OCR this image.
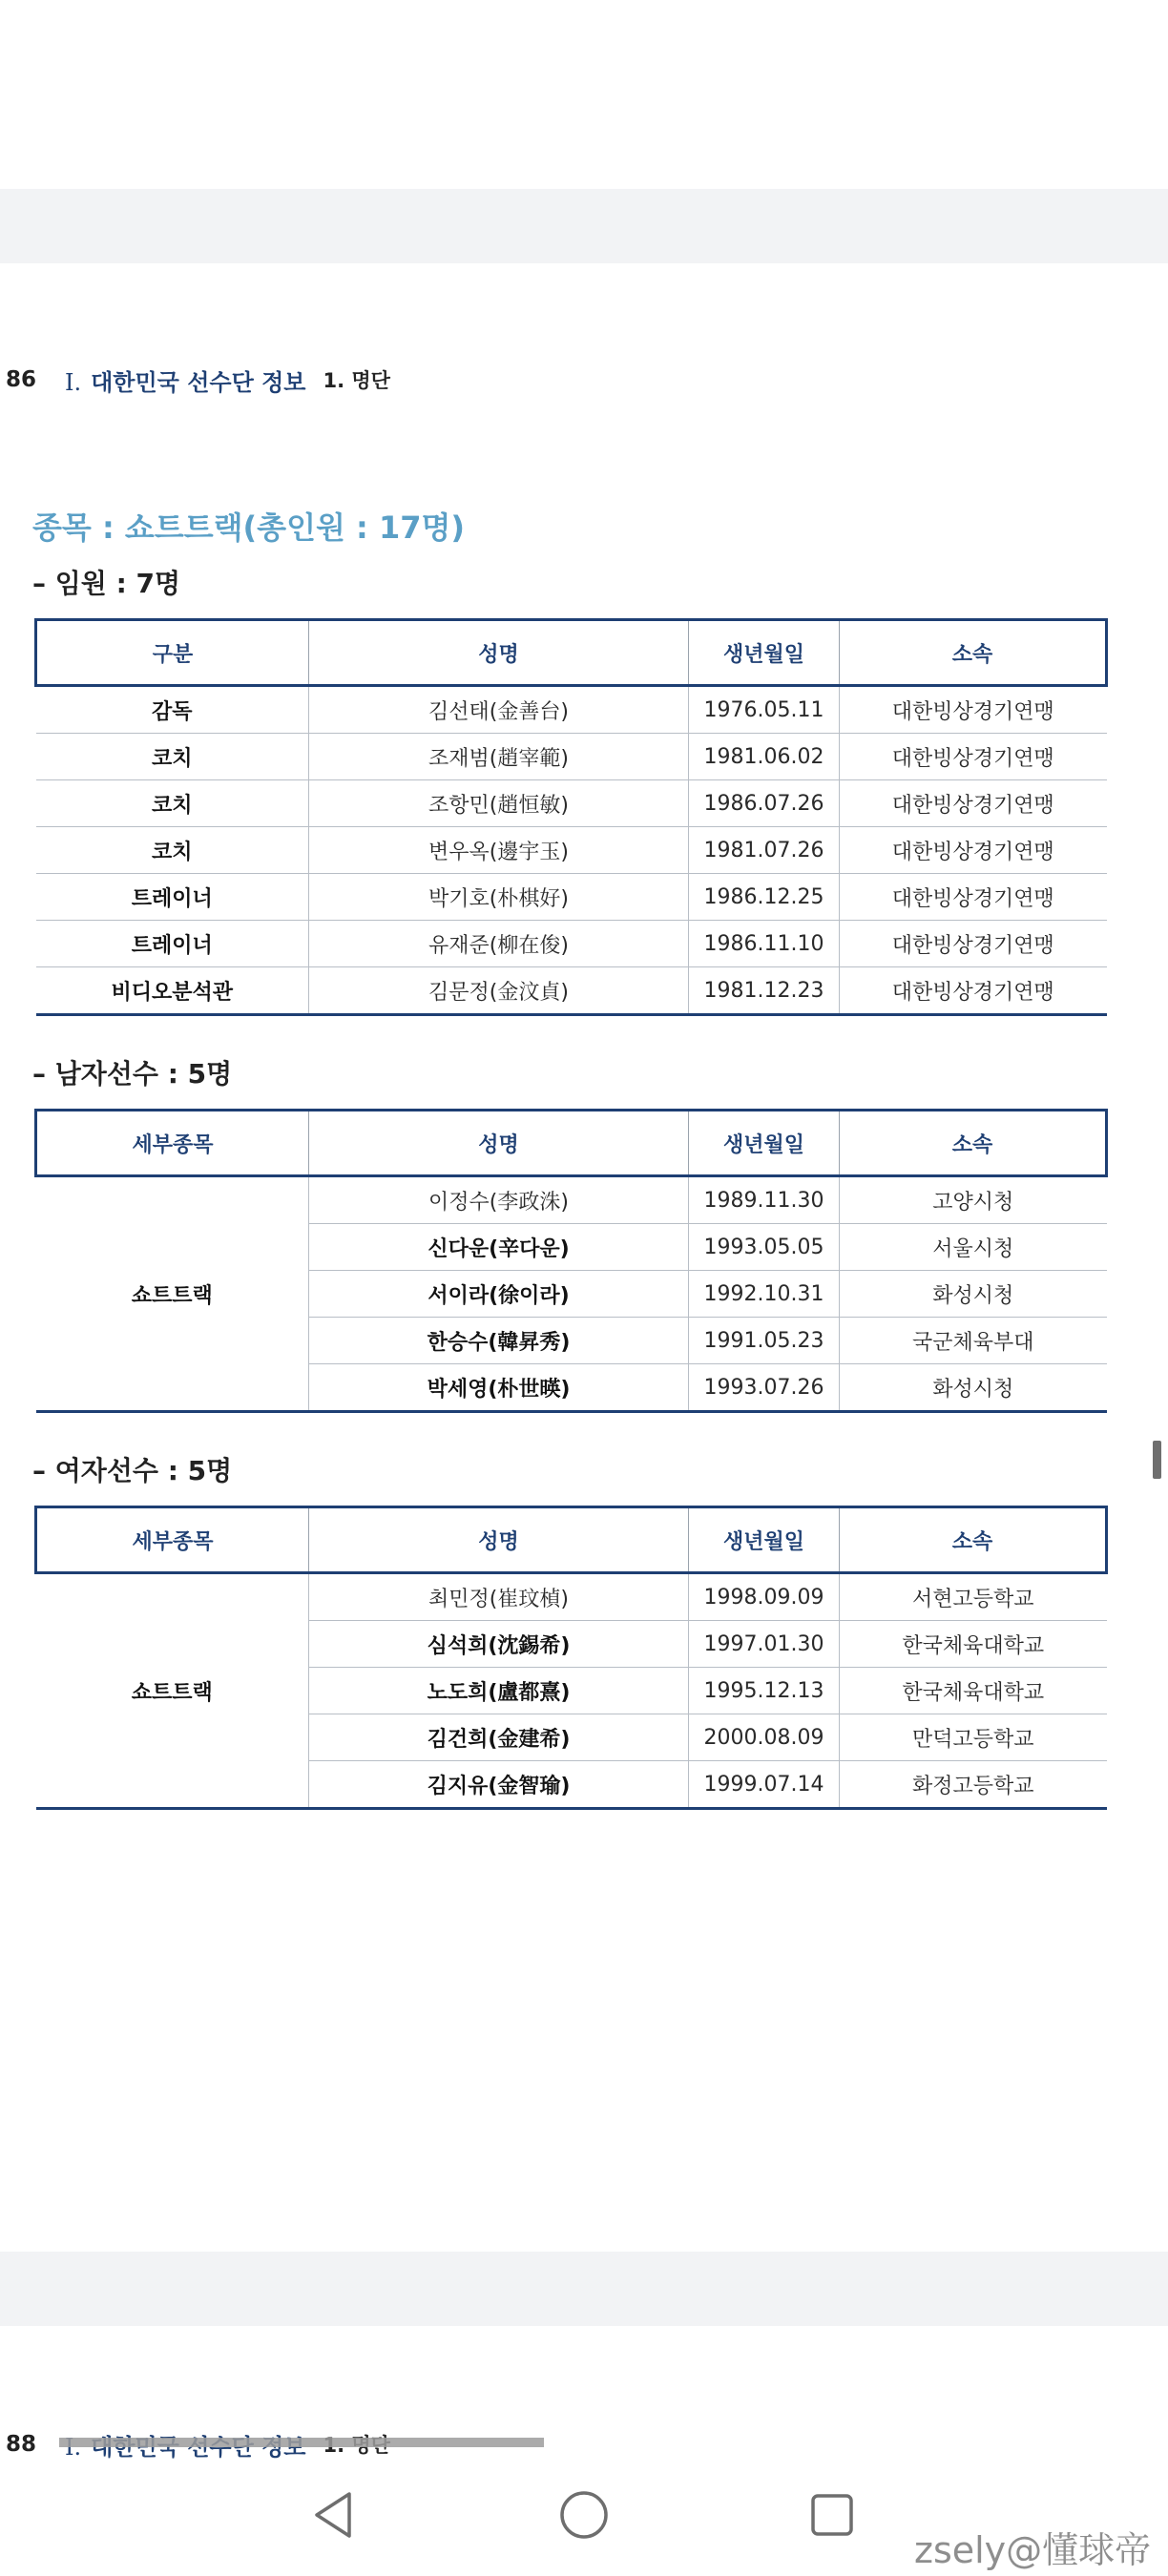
86 Ⅰ. 대한민국 선수단 정보 1. 명단
종목 : 쇼트트랙(총인원 : 17명)
– 임원 : 7명
구분	성명	생년월일	소속
감독	김선태(金善台)	1976.05.11	대한빙상경기연맹
코치	조재범(趙宰範)	1981.06.02	대한빙상경기연맹
코치	조항민(趙恒敏)	1986.07.26	대한빙상경기연맹
코치	변우옥(邊宇玉)	1981.07.26	대한빙상경기연맹
트레이너	박기호(朴棋好)	1986.12.25	대한빙상경기연맹
트레이너	유재준(柳在俊)	1986.11.10	대한빙상경기연맹
비디오분석관	김문정(金汶貞)	1981.12.23	대한빙상경기연맹
– 남자선수 : 5명
세부종목	성명	생년월일	소속
쇼트트랙	이정수(李政洙)	1989.11.30	고양시청
	신다운(辛다운)	1993.05.05	서울시청
	서이라(徐이라)	1992.10.31	화성시청
	한승수(韓昇秀)	1991.05.23	국군체육부대
	박세영(朴世暎)	1993.07.26	화성시청
– 여자선수 : 5명
세부종목	성명	생년월일	소속
쇼트트랙	최민정(崔玟楨)	1998.09.09	서현고등학교
	심석희(沈錫希)	1997.01.30	한국체육대학교
	노도희(盧都熹)	1995.12.13	한국체육대학교
	김건희(金建希)	2000.08.09	만덕고등학교
	김지유(金智瑜)	1999.07.14	화정고등학교
88
zsely@懂球帝
